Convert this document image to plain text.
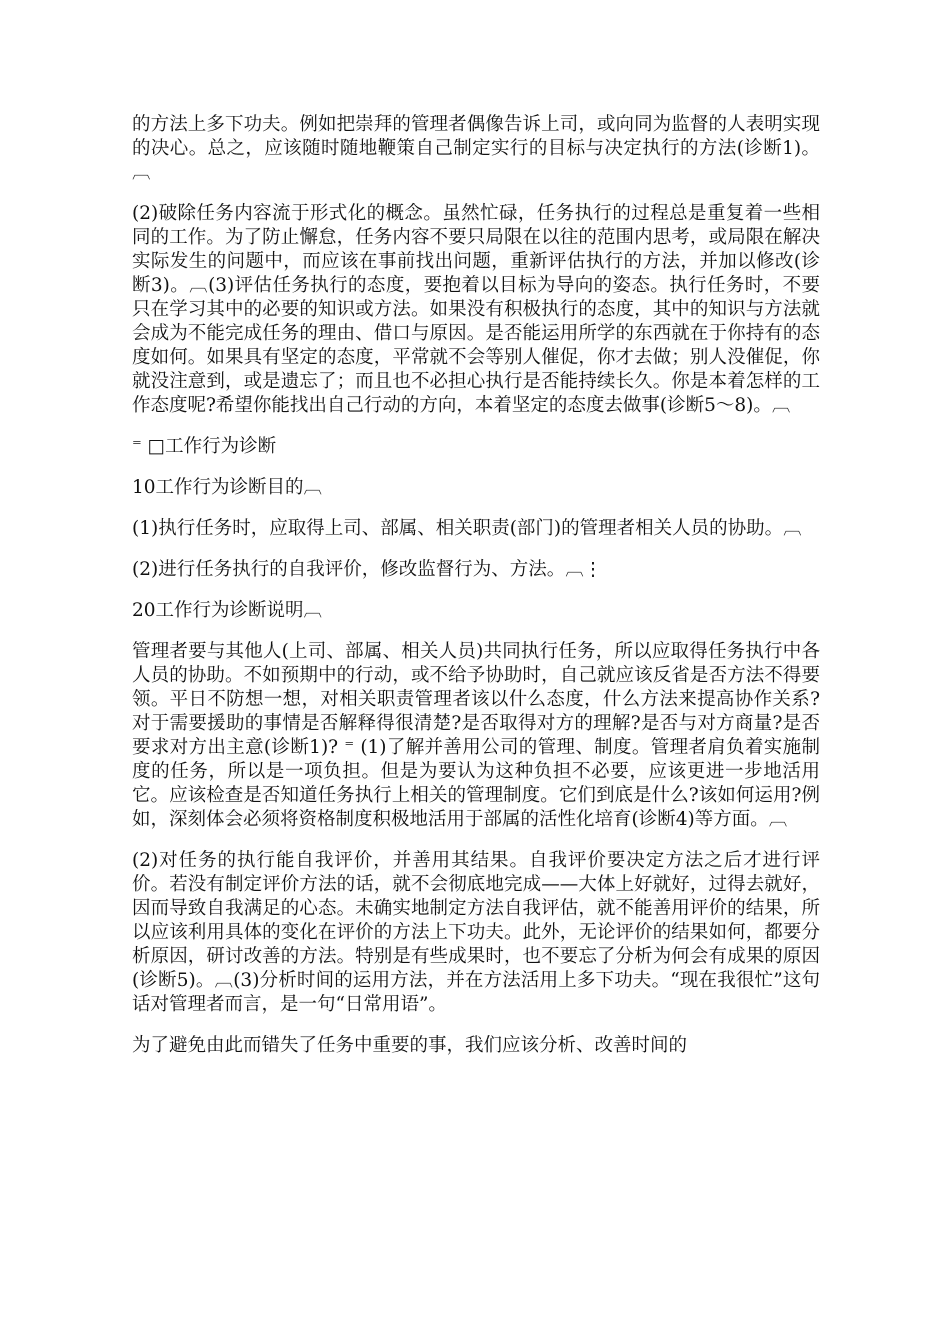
的方法上多下功夫。例如把崇拜的管理者偶像告诉上司，或向同为监督的人表明实现的决心。总之，应该随时随地鞭策自己制定实行的目标与决定执行的方法(诊断1)。︹

(2)破除任务内容流于形式化的概念。虽然忙碌，任务执行的过程总是重复着一些相同的工作。为了防止懈怠，任务内容不要只局限在以往的范围内思考，或局限在解决实际发生的问题中，而应该在事前找出问题，重新评估执行的方法，并加以修改(诊断3)。︹(3)评估任务执行的态度，要抱着以目标为导向的姿态。执行任务时，不要只在学习其中的必要的知识或方法。如果没有积极执行的态度，其中的知识与方法就会成为不能完成任务的理由、借口与原因。是否能运用所学的东西就在于你持有的态度如何。如果具有坚定的态度，平常就不会等别人催促，你才去做；别人没催促，你就没注意到，或是遗忘了；而且也不必担心执行是否能持续长久。你是本着怎样的工作态度呢?希望你能找出自己行动的方向，本着坚定的态度去做事(诊断5～8)。︹

⁼ □工作行为诊断

10工作行为诊断目的︹

(1)执行任务时，应取得上司、部属、相关职责(部门)的管理者相关人员的协助。︹

(2)进行任务执行的自我评价，修改监督行为、方法。︹⋮

20工作行为诊断说明︹

管理者要与其他人(上司、部属、相关人员)共同执行任务，所以应取得任务执行中各人员的协助。不如预期中的行动，或不给予协助时，自己就应该反省是否方法不得要领。平日不防想一想，对相关职责管理者该以什么态度，什么方法来提高协作关系?对于需要援助的事情是否解释得很清楚?是否取得对方的理解?是否与对方商量?是否要求对方出主意(诊断1)? ⁼ (1)了解并善用公司的管理、制度。管理者肩负着实施制度的任务，所以是一项负担。但是为要认为这种负担不必要，应该更进一步地活用它。应该检查是否知道任务执行上相关的管理制度。它们到底是什么?该如何运用?例如，深刻体会必须将资格制度积极地活用于部属的活性化培育(诊断4)等方面。︹

(2)对任务的执行能自我评价，并善用其结果。自我评价要决定方法之后才进行评价。若没有制定评价方法的话，就不会彻底地完成——大体上好就好，过得去就好，因而导致自我满足的心态。未确实地制定方法自我评估，就不能善用评价的结果，所以应该利用具体的变化在评价的方法上下功夫。此外，无论评价的结果如何，都要分析原因，研讨改善的方法。特别是有些成果时，也不要忘了分析为何会有成果的原因(诊断5)。︹(3)分析时间的运用方法，并在方法活用上多下功夫。“现在我很忙”这句话对管理者而言，是一句“日常用语”。

为了避免由此而错失了任务中重要的事，我们应该分析、改善时间的
